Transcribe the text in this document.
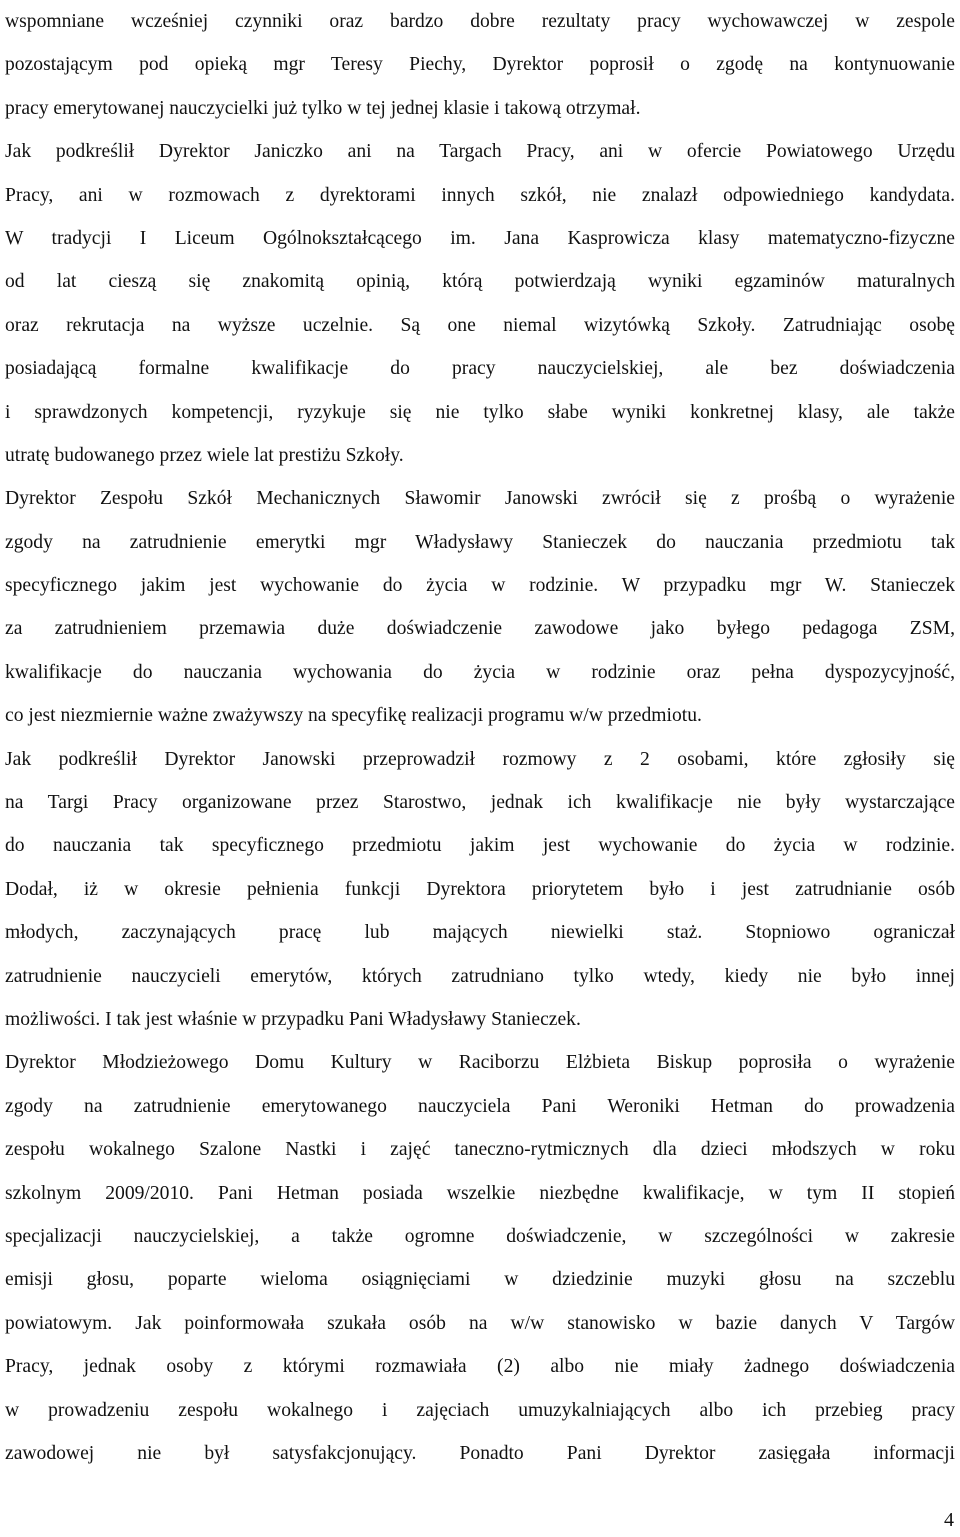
wspomniane wcześniej czynniki oraz bardzo dobre rezultaty pracy wychowawczej w zespole
pozostającym pod opieką mgr Teresy Piechy, Dyrektor poprosił o zgodę na kontynuowanie
pracy emerytowanej nauczycielki już tylko w tej jednej klasie i takową otrzymał.
Jak podkreślił Dyrektor Janiczko ani na Targach Pracy, ani w ofercie Powiatowego Urzędu
Pracy, ani w rozmowach z dyrektorami innych szkół, nie znalazł odpowiedniego kandydata.
W tradycji I Liceum Ogólnokształcącego im. Jana Kasprowicza klasy matematyczno-fizyczne
od lat cieszą się znakomitą opinią, którą potwierdzają wyniki egzaminów maturalnych
oraz rekrutacja na wyższe uczelnie. Są one niemal wizytówką Szkoły. Zatrudniając osobę
posiadającą formalne kwalifikacje do pracy nauczycielskiej, ale bez doświadczenia
i sprawdzonych kompetencji, ryzykuje się nie tylko słabe wyniki konkretnej klasy, ale także
utratę budowanego przez wiele lat prestiżu Szkoły.
Dyrektor Zespołu Szkół Mechanicznych Sławomir Janowski zwrócił się z prośbą o wyrażenie
zgody na zatrudnienie emerytki mgr Władysławy Stanieczek do nauczania przedmiotu tak
specyficznego jakim jest wychowanie do życia w rodzinie. W przypadku mgr W. Stanieczek
za zatrudnieniem przemawia duże doświadczenie zawodowe jako byłego pedagoga ZSM,
kwalifikacje do nauczania wychowania do życia w rodzinie oraz pełna dyspozycyjność,
co jest niezmiernie ważne zważywszy na specyfikę realizacji programu w/w przedmiotu.
Jak podkreślił Dyrektor Janowski przeprowadził rozmowy z 2 osobami, które zgłosiły się
na Targi Pracy organizowane przez Starostwo, jednak ich kwalifikacje nie były wystarczające
do nauczania tak specyficznego przedmiotu jakim jest wychowanie do życia w rodzinie.
Dodał, iż w okresie pełnienia funkcji Dyrektora priorytetem było i jest zatrudnianie osób
młodych, zaczynających pracę lub mających niewielki staż. Stopniowo ograniczał
zatrudnienie nauczycieli emerytów, których zatrudniano tylko wtedy, kiedy nie było innej
możliwości. I tak jest właśnie w przypadku Pani Władysławy Stanieczek.
Dyrektor Młodzieżowego Domu Kultury w Raciborzu Elżbieta Biskup poprosiła o wyrażenie
zgody na zatrudnienie emerytowanego nauczyciela Pani Weroniki Hetman do prowadzenia
zespołu wokalnego Szalone Nastki i zajęć taneczno-rytmicznych dla dzieci młodszych w roku
szkolnym 2009/2010. Pani Hetman posiada wszelkie niezbędne kwalifikacje, w tym II stopień
specjalizacji nauczycielskiej, a także ogromne doświadczenie, w szczególności w zakresie
emisji głosu, poparte wieloma osiągnięciami w dziedzinie muzyki głosu na szczeblu
powiatowym. Jak poinformowała szukała osób na w/w stanowisko w bazie danych V Targów
Pracy, jednak osoby z którymi rozmawiała (2) albo nie miały żadnego doświadczenia
w prowadzeniu zespołu wokalnego i zajęciach umuzykalniających albo ich przebieg pracy
zawodowej nie był satysfakcjonujący. Ponadto Pani Dyrektor zasięgała informacji
4
